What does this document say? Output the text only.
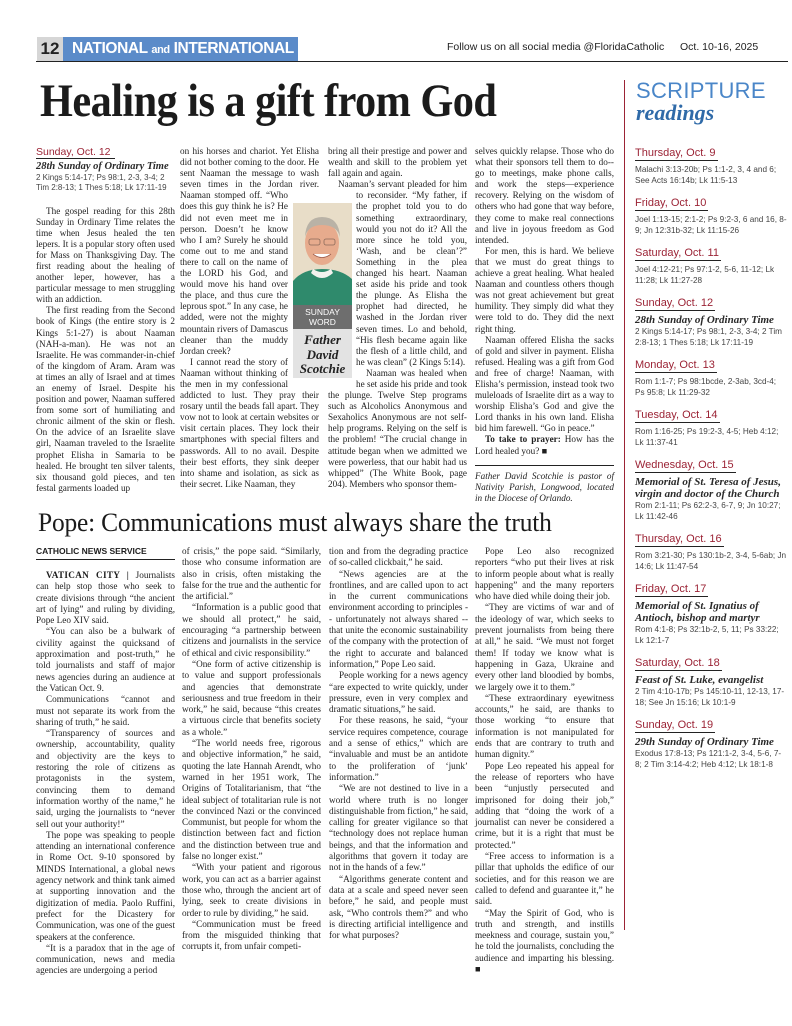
12 NATIONAL and INTERNATIONAL NEWS	Follow us on all social media @FloridaCatholic Oct. 10-16, 2025
Healing is a gift from God
Sunday, Oct. 12
28th Sunday of Ordinary Time
2 Kings 5:14-17; Ps 98:1, 2-3, 3-4; 2 Tim 2:8-13; 1 Thes 5:18; Lk 17:11-19

The gospel reading for this 28th Sunday in Ordinary Time relates the time when Jesus healed the ten lepers. It is a popular story often used for Mass on Thanksgiving Day. The first reading about the healing of another leper, however, has a particular message to men struggling with an addiction.

The first reading from the Second book of Kings (the entire story is 2 Kings 5:1-27) is about Naaman (NAH-a-man). He was not an Israelite. He was commander-in-chief of the kingdom of Aram. Aram was at times an ally of Israel and at times an enemy of Israel. Despite his position and power, Naaman suffered from some sort of humiliating and chronic ailment of the skin or flesh. On the advice of an Israelite slave girl, Naaman traveled to the Israelite prophet Elisha in Samaria to be healed. He brought ten silver talents, six thousand gold pieces, and ten festal garments loaded up

on his horses and chariot. Yet Elisha did not bother coming to the door. He sent Naaman the message to wash seven times in the Jordan river. Naaman stomped off. “Who does this guy think he is? He did not even meet me in person. Doesn’t he know who I am? Surely he should come out to me and stand there to call on the name of the LORD his God, and would move his hand over the place, and thus cure the leprous spot.” In any case, he added, were not the mighty mountain rivers of Damascus cleaner than the muddy Jordan creek?

I cannot read the story of Naaman without thinking of the men in my confessional addicted to lust. They pray their rosary until the beads fall apart. They vow not to look at certain websites or visit certain places. They lock their smartphones with special filters and passwords. All to no avail. Despite their best efforts, they sink deeper into shame and isolation, as sick as their secret. Like Naaman, they

bring all their prestige and power and wealth and skill to the problem yet fall again and again.

Naaman’s servant pleaded for him to reconsider. “My father, if the prophet told you to do something extraordinary, would you not do it? All the more since he told you, ‘Wash, and be clean’?” Something in the plea changed his heart. Naaman set aside his pride and took the plunge. As Elisha the prophet had directed, he washed in the Jordan river seven times. Lo and behold, “His flesh became again like the flesh of a little child, and he was clean” (2 Kings 5:14).

Naaman was healed when he set aside his pride and took the plunge. Twelve Step programs such as Alcoholics Anonymous and Sexaholics Anonymous are not self-help programs. Relying on the self is the problem! “The crucial change in attitude began when we admitted we were powerless, that our habit had us whipped” (The White Book, page 204). Members who sponsor them-

selves quickly relapse. Those who do what their sponsors tell them to do--go to meetings, make phone calls, and work the steps—experience recovery. Relying on the wisdom of others who had gone that way before, they come to make real connections and live in joyous freedom as God intended.

For men, this is hard. We believe that we must do great things to achieve a great healing. What healed Naaman and countless others though was not great achievement but great humility. They simply did what they were told to do. They did the next right thing.

Naaman offered Elisha the sacks of gold and silver in payment. Elisha refused. Healing was a gift from God and free of charge! Naaman, with Elisha’s permission, instead took two muleloads of Israelite dirt as a way to worship Elisha’s God and give the Lord thanks in his own land. Elisha bid him farewell. “Go in peace.”

To take to prayer: How has the Lord healed you? ■

Father David Scotchie is pastor of Nativity Parish, Longwood, located in the Diocese of Orlando.

SUNDAY
WORD
Father
David
Scotchie
SCRIPTURE
readings
Thursday, Oct. 9
Malachi 3:13-20b; Ps 1:1-2, 3, 4 and 6; See Acts 16:14b; Lk 11:5-13
Friday, Oct. 10
Joel 1:13-15; 2:1-2; Ps 9:2-3, 6 and 16, 8-9; Jn 12:31b-32; Lk 11:15-26
Saturday, Oct. 11
Joel 4:12-21; Ps 97:1-2, 5-6, 11-12; Lk 11:28; Lk 11:27-28
Sunday, Oct. 12
28th Sunday of Ordinary Time
2 Kings 5:14-17; Ps 98:1, 2-3, 3-4; 2 Tim 2:8-13; 1 Thes 5:18; Lk 17:11-19
Monday, Oct. 13
Rom 1:1-7; Ps 98:1bcde, 2-3ab, 3cd-4; Ps 95:8; Lk 11:29-32
Tuesday, Oct. 14
Rom 1:16-25; Ps 19:2-3, 4-5; Heb 4:12; Lk 11:37-41
Wednesday, Oct. 15
Memorial of St. Teresa of Jesus, virgin and doctor of the Church
Rom 2:1-11; Ps 62:2-3, 6-7, 9; Jn 10:27; Lk 11:42-46
Thursday, Oct. 16
Rom 3:21-30; Ps 130:1b-2, 3-4, 5-6ab; Jn 14:6; Lk 11:47-54
Friday, Oct. 17
Memorial of St. Ignatius of Antioch, bishop and martyr
Rom 4:1-8; Ps 32:1b-2, 5, 11; Ps 33:22; Lk 12:1-7
Saturday, Oct. 18
Feast of St. Luke, evangelist
2 Tim 4:10-17b; Ps 145:10-11, 12-13, 17-18; See Jn 15:16; Lk 10:1-9
Sunday, Oct. 19
29th Sunday of Ordinary Time
Exodus 17:8-13; Ps 121:1-2, 3-4, 5-6, 7-8; 2 Tim 3:14-4:2; Heb 4:12; Lk 18:1-8
Pope: Communications must always share the truth
CATHOLIC NEWS SERVICE

VATICAN CITY | Journalists can help stop those who seek to create divisions through “the ancient art of lying” and ruling by dividing, Pope Leo XIV said.

“You can also be a bulwark of civility against the quicksand of approximation and post-truth,” he told journalists and staff of major news agencies during an audience at the Vatican Oct. 9.

Communications “cannot and must not separate its work from the sharing of truth,” he said.

“Transparency of sources and ownership, accountability, quality and objectivity are the keys to restoring the role of citizens as protagonists in the system, convincing them to demand information worthy of the name,” he said, urging the journalists to “never sell out your authority!”

The pope was speaking to people attending an international conference in Rome Oct. 9-10 sponsored by MINDS International, a global news agency network and think tank aimed at supporting innovation and the digitization of media. Paolo Ruffini, prefect for the Dicastery for Communication, was one of the guest speakers at the conference.

“It is a paradox that in the age of communication, news and media agencies are undergoing a period

of crisis,” the pope said. “Similarly, those who consume information are also in crisis, often mistaking the false for the true and the authentic for the artificial.”

“Information is a public good that we should all protect,” he said, encouraging “a partnership between citizens and journalists in the service of ethical and civic responsibility.”

“One form of active citizenship is to value and support professionals and agencies that demonstrate seriousness and true freedom in their work,” he said, because “this creates a virtuous circle that benefits society as a whole.”

“The world needs free, rigorous and objective information,” he said, quoting the late Hannah Arendt, who warned in her 1951 work, The Origins of Totalitarianism, that “the ideal subject of totalitarian rule is not the convinced Nazi or the convinced Communist, but people for whom the distinction between fact and fiction and the distinction between true and false no longer exist.”

“With your patient and rigorous work, you can act as a barrier against those who, through the ancient art of lying, seek to create divisions in order to rule by dividing,” he said.

“Communication must be freed from the misguided thinking that corrupts it, from unfair competi-

tion and from the degrading practice of so-called clickbait,” he said.

“News agencies are at the frontlines, and are called upon to act in the current communications environment according to principles -- unfortunately not always shared -- that unite the economic sustainability of the company with the protection of the right to accurate and balanced information,” Pope Leo said.

People working for a news agency “are expected to write quickly, under pressure, even in very complex and dramatic situations,” he said.

For these reasons, he said, “your service requires competence, courage and a sense of ethics,” which are “invaluable and must be an antidote to the proliferation of ‘junk’ information.”

“We are not destined to live in a world where truth is no longer distinguishable from fiction,” he said, calling for greater vigilance so that “technology does not replace human beings, and that the information and algorithms that govern it today are not in the hands of a few.”

“Algorithms generate content and data at a scale and speed never seen before,” he said, and people must ask, “Who controls them?” and who is directing artificial intelligence and for what purposes?

Pope Leo also recognized reporters “who put their lives at risk to inform people about what is really happening” and the many reporters who have died while doing their job.

“They are victims of war and of the ideology of war, which seeks to prevent journalists from being there at all,” he said. “We must not forget them! If today we know what is happening in Gaza, Ukraine and every other land bloodied by bombs, we largely owe it to them.”

“These extraordinary eyewitness accounts,” he said, are thanks to those working “to ensure that information is not manipulated for ends that are contrary to truth and human dignity.”

Pope Leo repeated his appeal for the release of reporters who have been “unjustly persecuted and imprisoned for doing their job,” adding that “doing the work of a journalist can never be considered a crime, but it is a right that must be protected.”

“Free access to information is a pillar that upholds the edifice of our societies, and for this reason we are called to defend and guarantee it,” he said.

“May the Spirit of God, who is truth and strength, and instills meekness and courage, sustain you,” he told the journalists, concluding the audience and imparting his blessing. ■
